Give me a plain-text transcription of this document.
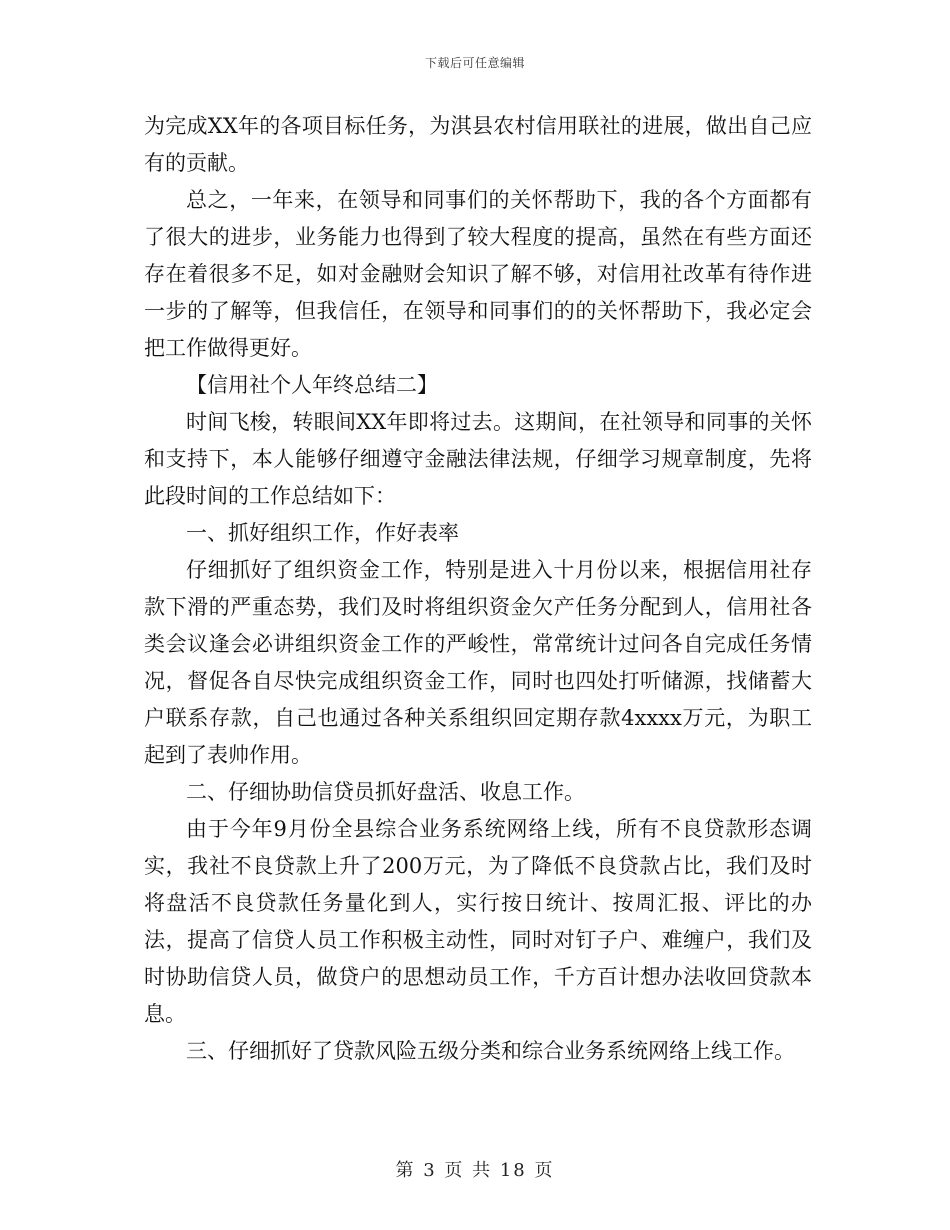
下载后可任意编辑

为完成XX年的各项目标任务，为淇县农村信用联社的进展，做出自己应有的贡献。

总之，一年来，在领导和同事们的关怀帮助下，我的各个方面都有了很大的进步，业务能力也得到了较大程度的提高，虽然在有些方面还存在着很多不足，如对金融财会知识了解不够，对信用社改革有待作进一步的了解等，但我信任，在领导和同事们的的关怀帮助下，我必定会把工作做得更好。

【信用社个人年终总结二】

时间飞梭，转眼间XX年即将过去。这期间，在社领导和同事的关怀和支持下，本人能够仔细遵守金融法律法规，仔细学习规章制度，先将此段时间的工作总结如下：

一、抓好组织工作，作好表率

仔细抓好了组织资金工作，特别是进入十月份以来，根据信用社存款下滑的严重态势，我们及时将组织资金欠产任务分配到人，信用社各类会议逢会必讲组织资金工作的严峻性，常常统计过问各自完成任务情况，督促各自尽快完成组织资金工作，同时也四处打听储源，找储蓄大户联系存款，自己也通过各种关系组织回定期存款4xxxx万元，为职工起到了表帅作用。

二、仔细协助信贷员抓好盘活、收息工作。

由于今年9月份全县综合业务系统网络上线，所有不良贷款形态调实，我社不良贷款上升了200万元，为了降低不良贷款占比，我们及时将盘活不良贷款任务量化到人，实行按日统计、按周汇报、评比的办法，提高了信贷人员工作积极主动性，同时对钉子户、难缠户，我们及时协助信贷人员，做贷户的思想动员工作，千方百计想办法收回贷款本息。

三、仔细抓好了贷款风险五级分类和综合业务系统网络上线工作。

第 3 页 共 18 页
